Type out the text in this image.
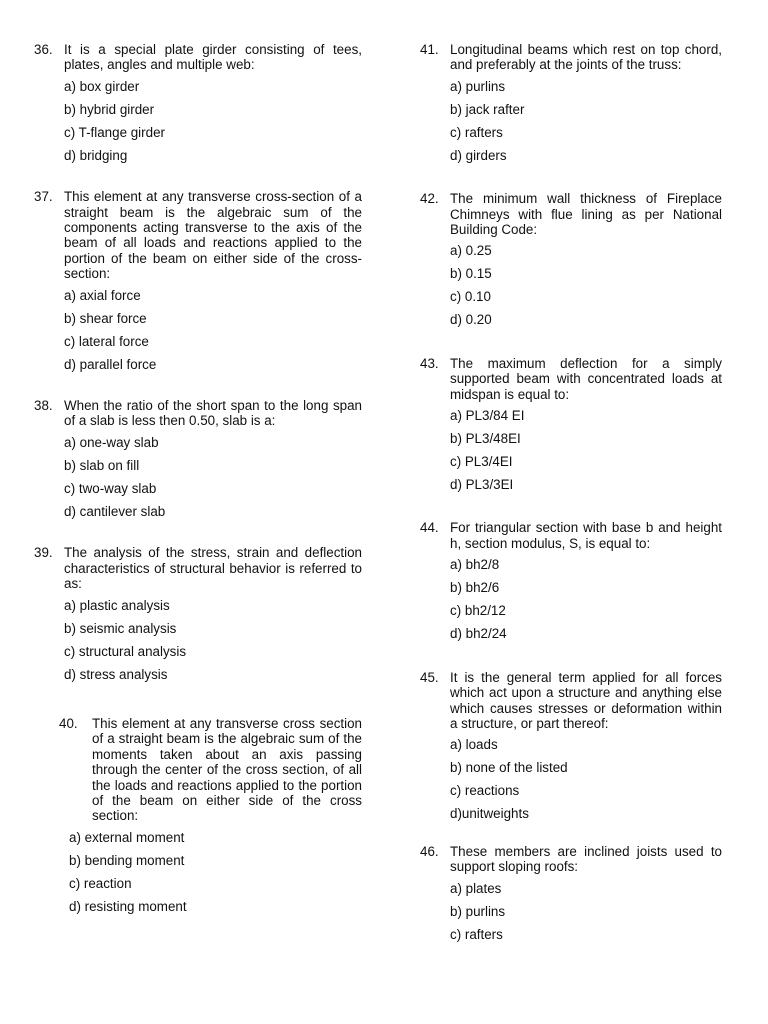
36. It is a special plate girder consisting of tees, plates, angles and multiple web:
a) box girder
b) hybrid girder
c) T-flange girder
d) bridging
37. This element at any transverse cross-section of a straight beam is the algebraic sum of the components acting transverse to the axis of the beam of all loads and reactions applied to the portion of the beam on either side of the cross-section:
a) axial force
b) shear force
c) lateral force
d) parallel force
38. When the ratio of the short span to the long span of a slab is less then 0.50, slab is a:
a) one-way slab
b) slab on fill
c) two-way slab
d) cantilever slab
39. The analysis of the stress, strain and deflection characteristics of structural behavior is referred to as:
a) plastic analysis
b) seismic analysis
c) structural analysis
d) stress analysis
40.	This element at any transverse cross section of a straight beam is the algebraic sum of the moments taken about an axis passing through the center of the cross section, of all the loads and reactions applied to the portion of the beam on either side of the cross section:
a) external moment
b) bending moment
c) reaction
d) resisting moment
41. Longitudinal beams which rest on top chord, and preferably at the joints of the truss:
a) purlins
b) jack rafter
c) rafters
d) girders
42. The minimum wall thickness of Fireplace Chimneys with flue lining as per National Building Code:
a) 0.25
b) 0.15
c) 0.10
d) 0.20
43. The maximum deflection for a simply supported beam with concentrated loads at midspan is equal to:
a) PL3/84 EI
b) PL3/48EI
c) PL3/4EI
d) PL3/3EI
44. For triangular section with base b and height h, section modulus, S, is equal to:
a) bh2/8
b) bh2/6
c) bh2/12
d) bh2/24
45. It is the general term applied for all forces which act upon a structure and anything else which causes stresses or deformation within a structure, or part thereof:
a) loads
b) none of the listed
c) reactions
d)unitweights
46. These members are inclined joists used to support sloping roofs:
a) plates
b) purlins
c) rafters
